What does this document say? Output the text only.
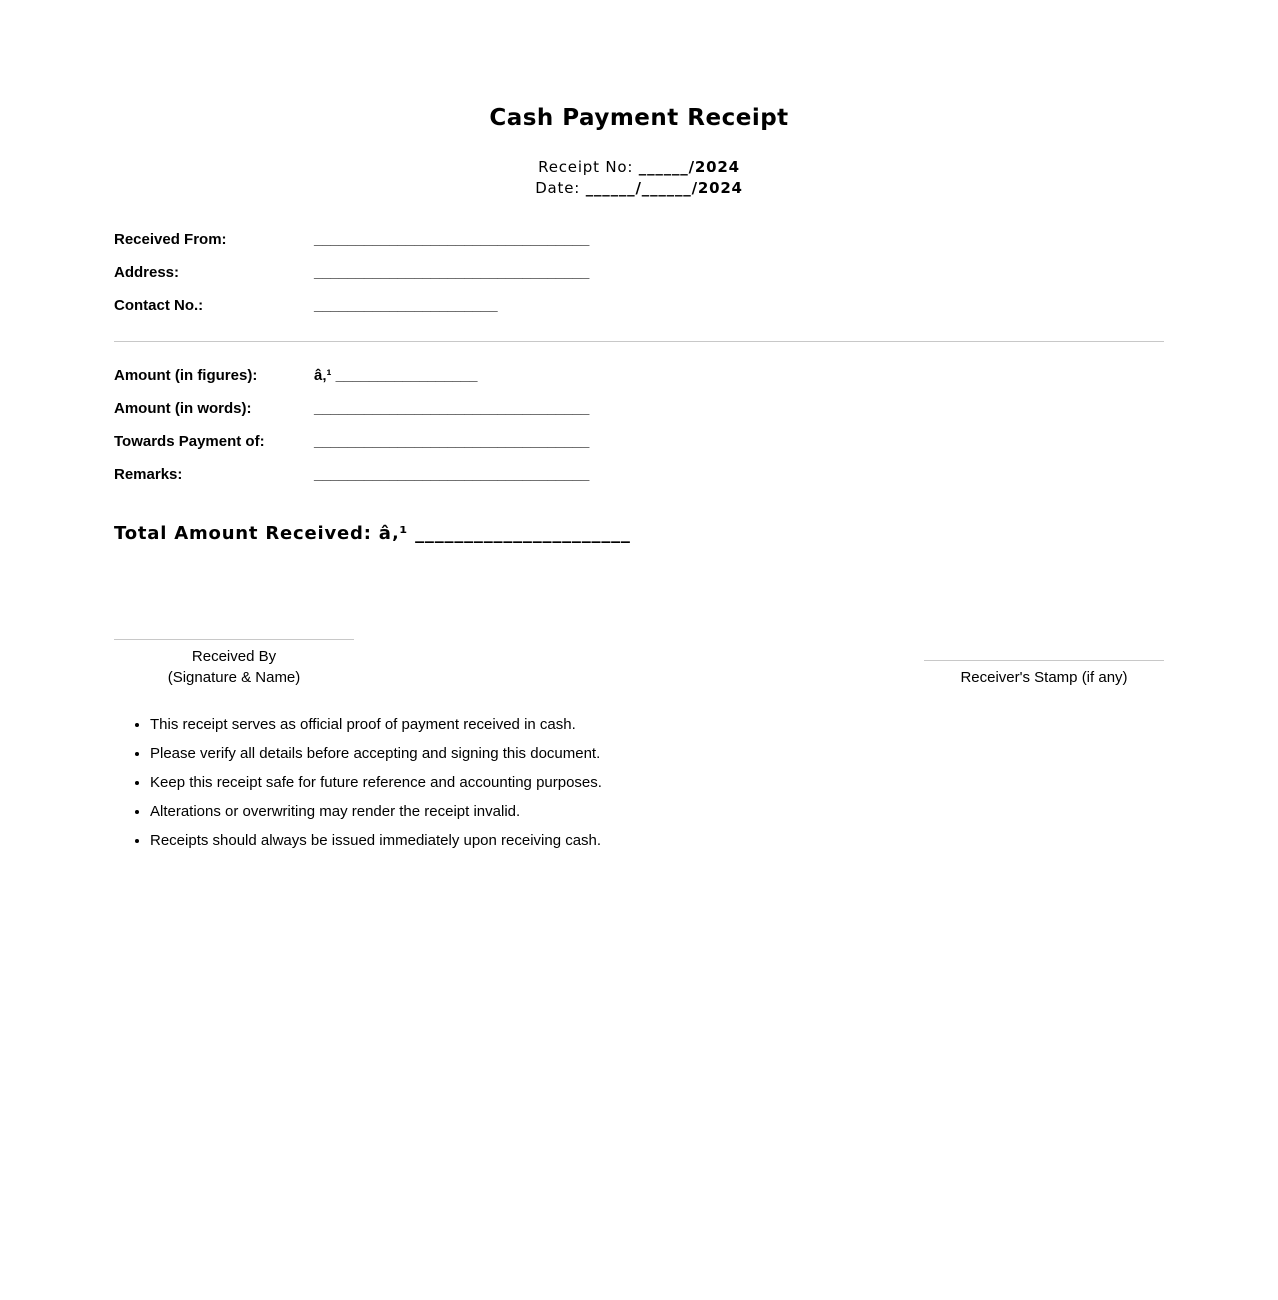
Cash Payment Receipt
Receipt No: ______/2024
Date: ______/______/2024
Received From:	_________________________________
Address:	_________________________________
Contact No.:	______________________
Amount (in figures):	â‚¹ _________________
Amount (in words):	_________________________________
Towards Payment of:	_________________________________
Remarks:	_________________________________
Total Amount Received: â‚¹ ______________________
Received By
(Signature & Name)	Receiver's Stamp (if any)
• This receipt serves as official proof of payment received in cash.
• Please verify all details before accepting and signing this document.
• Keep this receipt safe for future reference and accounting purposes.
• Alterations or overwriting may render the receipt invalid.
• Receipts should always be issued immediately upon receiving cash.
